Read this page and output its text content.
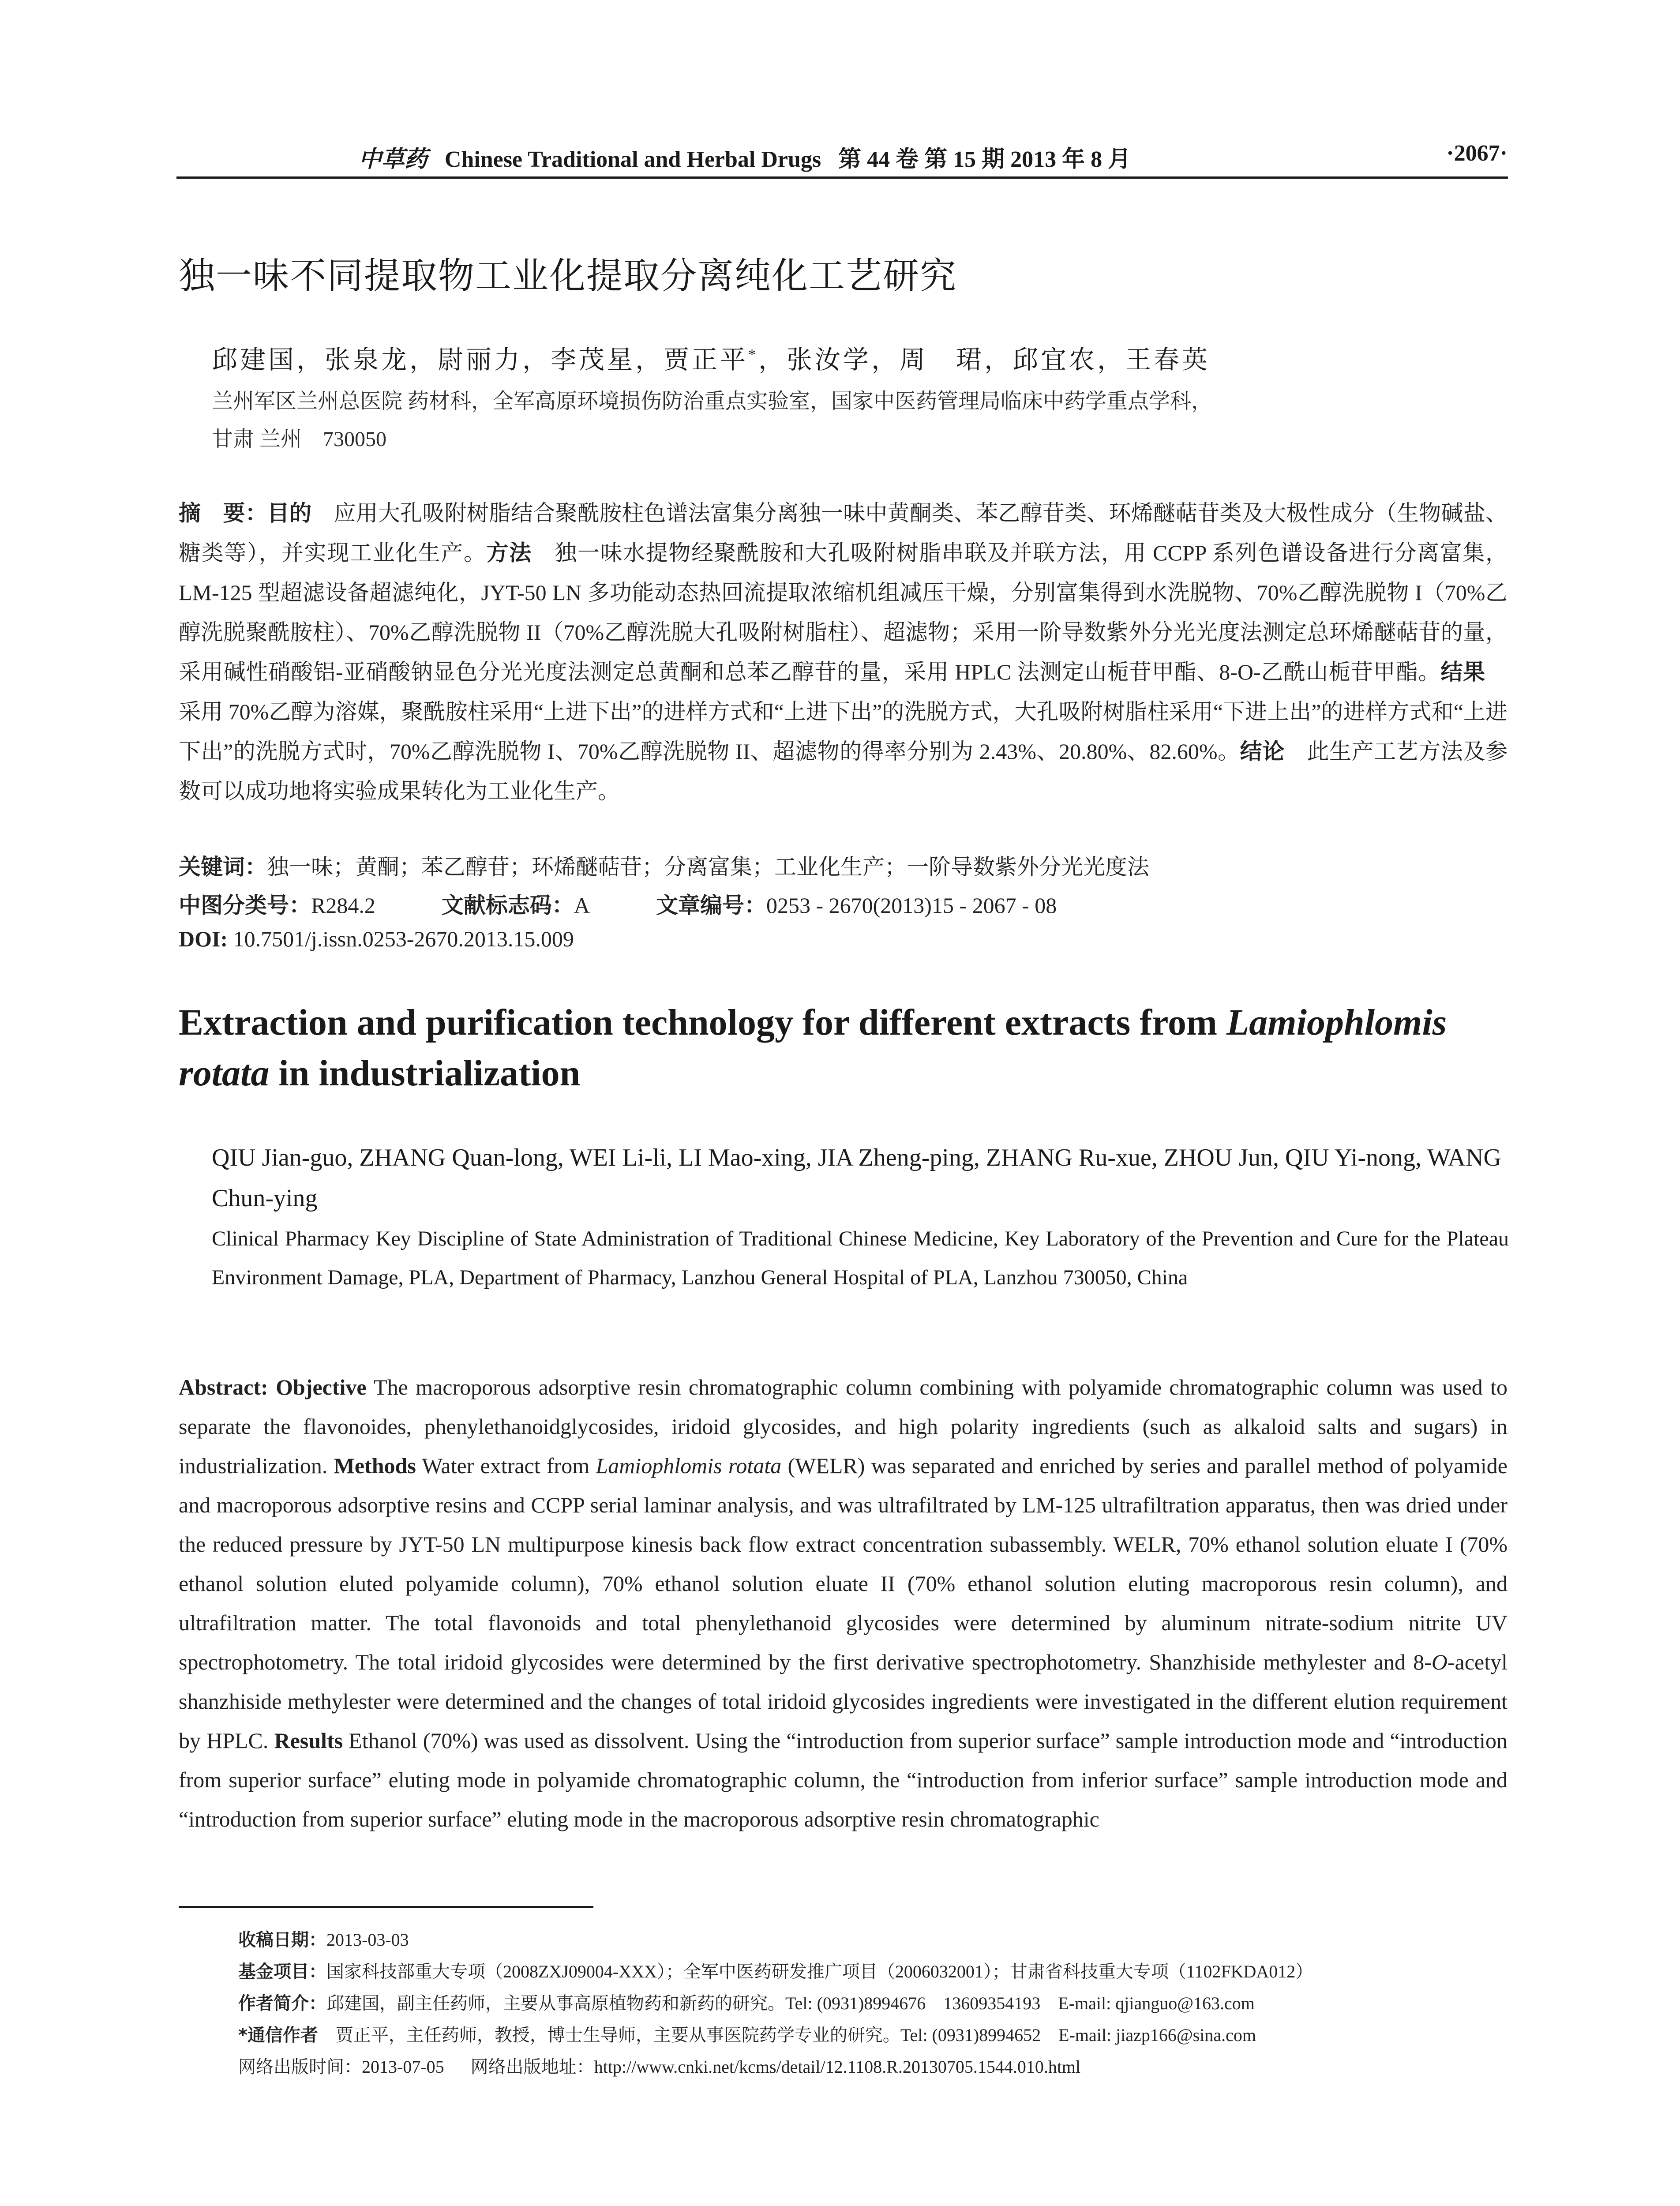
中草药 Chinese Traditional and Herbal Drugs 第 44 卷 第 15 期 2013 年 8 月	·2067·
独一味不同提取物工业化提取分离纯化工艺研究
邱建国，张泉龙，尉丽力，李茂星，贾正平*，张汝学，周　珺，邱宜农，王春英
兰州军区兰州总医院 药材科，全军高原环境损伤防治重点实验室，国家中医药管理局临床中药学重点学科，
甘肃 兰州　730050
摘　要：目的　应用大孔吸附树脂结合聚酰胺柱色谱法富集分离独一味中黄酮类、苯乙醇苷类、环烯醚萜苷类及大极性成分（生物碱盐、糖类等），并实现工业化生产。方法　独一味水提物经聚酰胺和大孔吸附树脂串联及并联方法，用 CCPP 系列色谱设备进行分离富集，LM-125 型超滤设备超滤纯化，JYT-50 LN 多功能动态热回流提取浓缩机组减压干燥，分别富集得到水洗脱物、70%乙醇洗脱物 I（70%乙醇洗脱聚酰胺柱）、70%乙醇洗脱物 II（70%乙醇洗脱大孔吸附树脂柱）、超滤物；采用一阶导数紫外分光光度法测定总环烯醚萜苷的量，采用碱性硝酸铝-亚硝酸钠显色分光光度法测定总黄酮和总苯乙醇苷的量，采用 HPLC 法测定山栀苷甲酯、8-O-乙酰山栀苷甲酯。结果　采用 70%乙醇为溶媒，聚酰胺柱采用“上进下出”的进样方式和“上进下出”的洗脱方式，大孔吸附树脂柱采用“下进上出”的进样方式和“上进下出”的洗脱方式时，70%乙醇洗脱物 I、70%乙醇洗脱物 II、超滤物的得率分别为 2.43%、20.80%、82.60%。结论　此生产工艺方法及参数可以成功地将实验成果转化为工业化生产。
关键词：独一味；黄酮；苯乙醇苷；环烯醚萜苷；分离富集；工业化生产；一阶导数紫外分光光度法
中图分类号：R284.2	文献标志码：A	文章编号：0253 - 2670(2013)15 - 2067 - 08
DOI: 10.7501/j.issn.0253-2670.2013.15.009
Extraction and purification technology for different extracts from Lamiophlomis rotata in industrialization
QIU Jian-guo, ZHANG Quan-long, WEI Li-li, LI Mao-xing, JIA Zheng-ping, ZHANG Ru-xue, ZHOU Jun, QIU Yi-nong, WANG Chun-ying
Clinical Pharmacy Key Discipline of State Administration of Traditional Chinese Medicine, Key Laboratory of the Prevention and Cure for the Plateau Environment Damage, PLA, Department of Pharmacy, Lanzhou General Hospital of PLA, Lanzhou 730050, China
Abstract: Objective The macroporous adsorptive resin chromatographic column combining with polyamide chromatographic column was used to separate the flavonoides, phenylethanoidglycosides, iridoid glycosides, and high polarity ingredients (such as alkaloid salts and sugars) in industrialization. Methods Water extract from Lamiophlomis rotata (WELR) was separated and enriched by series and parallel method of polyamide and macroporous adsorptive resins and CCPP serial laminar analysis, and was ultrafiltrated by LM-125 ultrafiltration apparatus, then was dried under the reduced pressure by JYT-50 LN multipurpose kinesis back flow extract concentration subassembly. WELR, 70% ethanol solution eluate I (70% ethanol solution eluted polyamide column), 70% ethanol solution eluate II (70% ethanol solution eluting macroporous resin column), and ultrafiltration matter. The total flavonoids and total phenylethanoid glycosides were determined by aluminum nitrate-sodium nitrite UV spectrophotometry. The total iridoid glycosides were determined by the first derivative spectrophotometry. Shanzhiside methylester and 8-O-acetyl shanzhiside methylester were determined and the changes of total iridoid glycosides ingredients were investigated in the different elution requirement by HPLC. Results Ethanol (70%) was used as dissolvent. Using the “introduction from superior surface” sample introduction mode and “introduction from superior surface” eluting mode in polyamide chromatographic column, the “introduction from inferior surface” sample introduction mode and “introduction from superior surface” eluting mode in the macroporous adsorptive resin chromatographic
收稿日期：2013-03-03
基金项目：国家科技部重大专项（2008ZXJ09004-XXX）；全军中医药研发推广项目（2006032001）；甘肃省科技重大专项（1102FKDA012）
作者简介：邱建国，副主任药师，主要从事高原植物药和新药的研究。Tel: (0931)8994676　13609354193　E-mail: qjianguo@163.com
*通信作者　贾正平，主任药师，教授，博士生导师，主要从事医院药学专业的研究。Tel: (0931)8994652　E-mail: jiazp166@sina.com
网络出版时间：2013-07-05 网络出版地址：http://www.cnki.net/kcms/detail/12.1108.R.20130705.1544.010.html
